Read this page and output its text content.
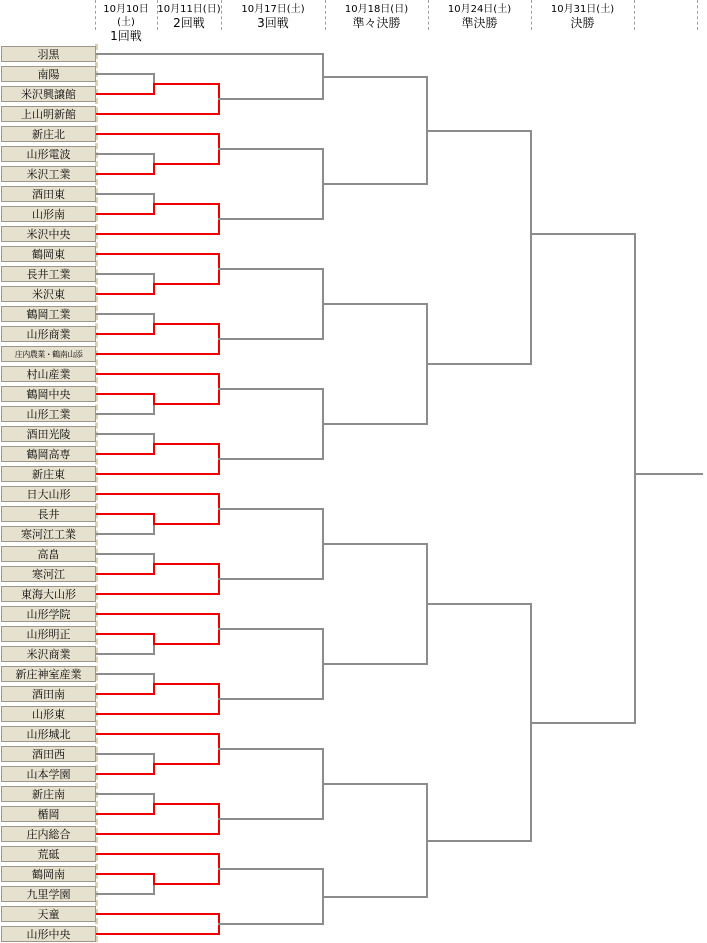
10月10日(土)
1回戦
10月11日(日)
2回戦
10月17日(土)
3回戦
10月18日(日)
準々決勝
10月24日(土)
準決勝
10月31日(土)
決勝
羽黒
南陽
米沢興譲館
上山明新館
新庄北
山形電波
米沢工業
酒田東
山形南
米沢中央
鶴岡東
長井工業
米沢東
鶴岡工業
山形商業
庄内農業・鶴南山添
村山産業
鶴岡中央
山形工業
酒田光陵
鶴岡高専
新庄東
日大山形
長井
寒河江工業
高畠
寒河江
東海大山形
山形学院
山形明正
米沢商業
新庄神室産業
酒田南
山形東
山形城北
酒田西
山本学園
新庄南
楯岡
庄内総合
荒砥
鶴岡南
九里学園
天童
山形中央
